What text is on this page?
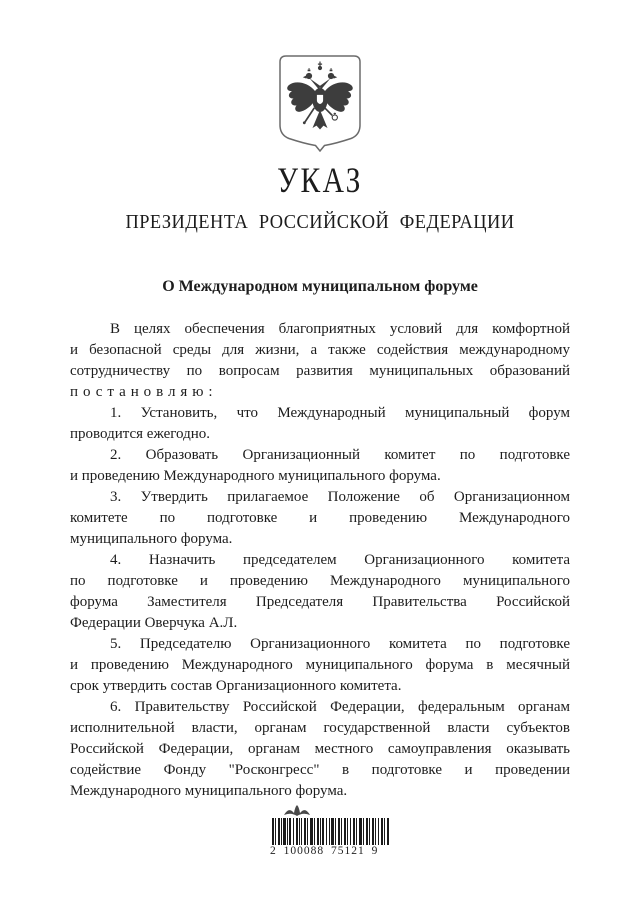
УКАЗ
ПРЕЗИДЕНТА РОССИЙСКОЙ ФЕДЕРАЦИИ
О Международном муниципальном форуме
В целях обеспечения благоприятных условий для комфортной
и безопасной среды для жизни, а также содействия международному
сотрудничеству по вопросам развития муниципальных образований
постановляю:
1. Установить, что Международный муниципальный форум
проводится ежегодно.
2. Образовать Организационный комитет по подготовке
и проведению Международного муниципального форума.
3. Утвердить прилагаемое Положение об Организационном
комитете по подготовке и проведению Международного
муниципального форума.
4. Назначить председателем Организационного комитета
по подготовке и проведению Международного муниципального
форума Заместителя Председателя Правительства Российской
Федерации Оверчука А.Л.
5. Председателю Организационного комитета по подготовке
и проведению Международного муниципального форума в месячный
срок утвердить состав Организационного комитета.
6. Правительству Российской Федерации, федеральным органам
исполнительной власти, органам государственной власти субъектов
Российской Федерации, органам местного самоуправления оказывать
содействие Фонду "Росконгресс" в подготовке и проведении
Международного муниципального форума.
2 100088 75121 9
